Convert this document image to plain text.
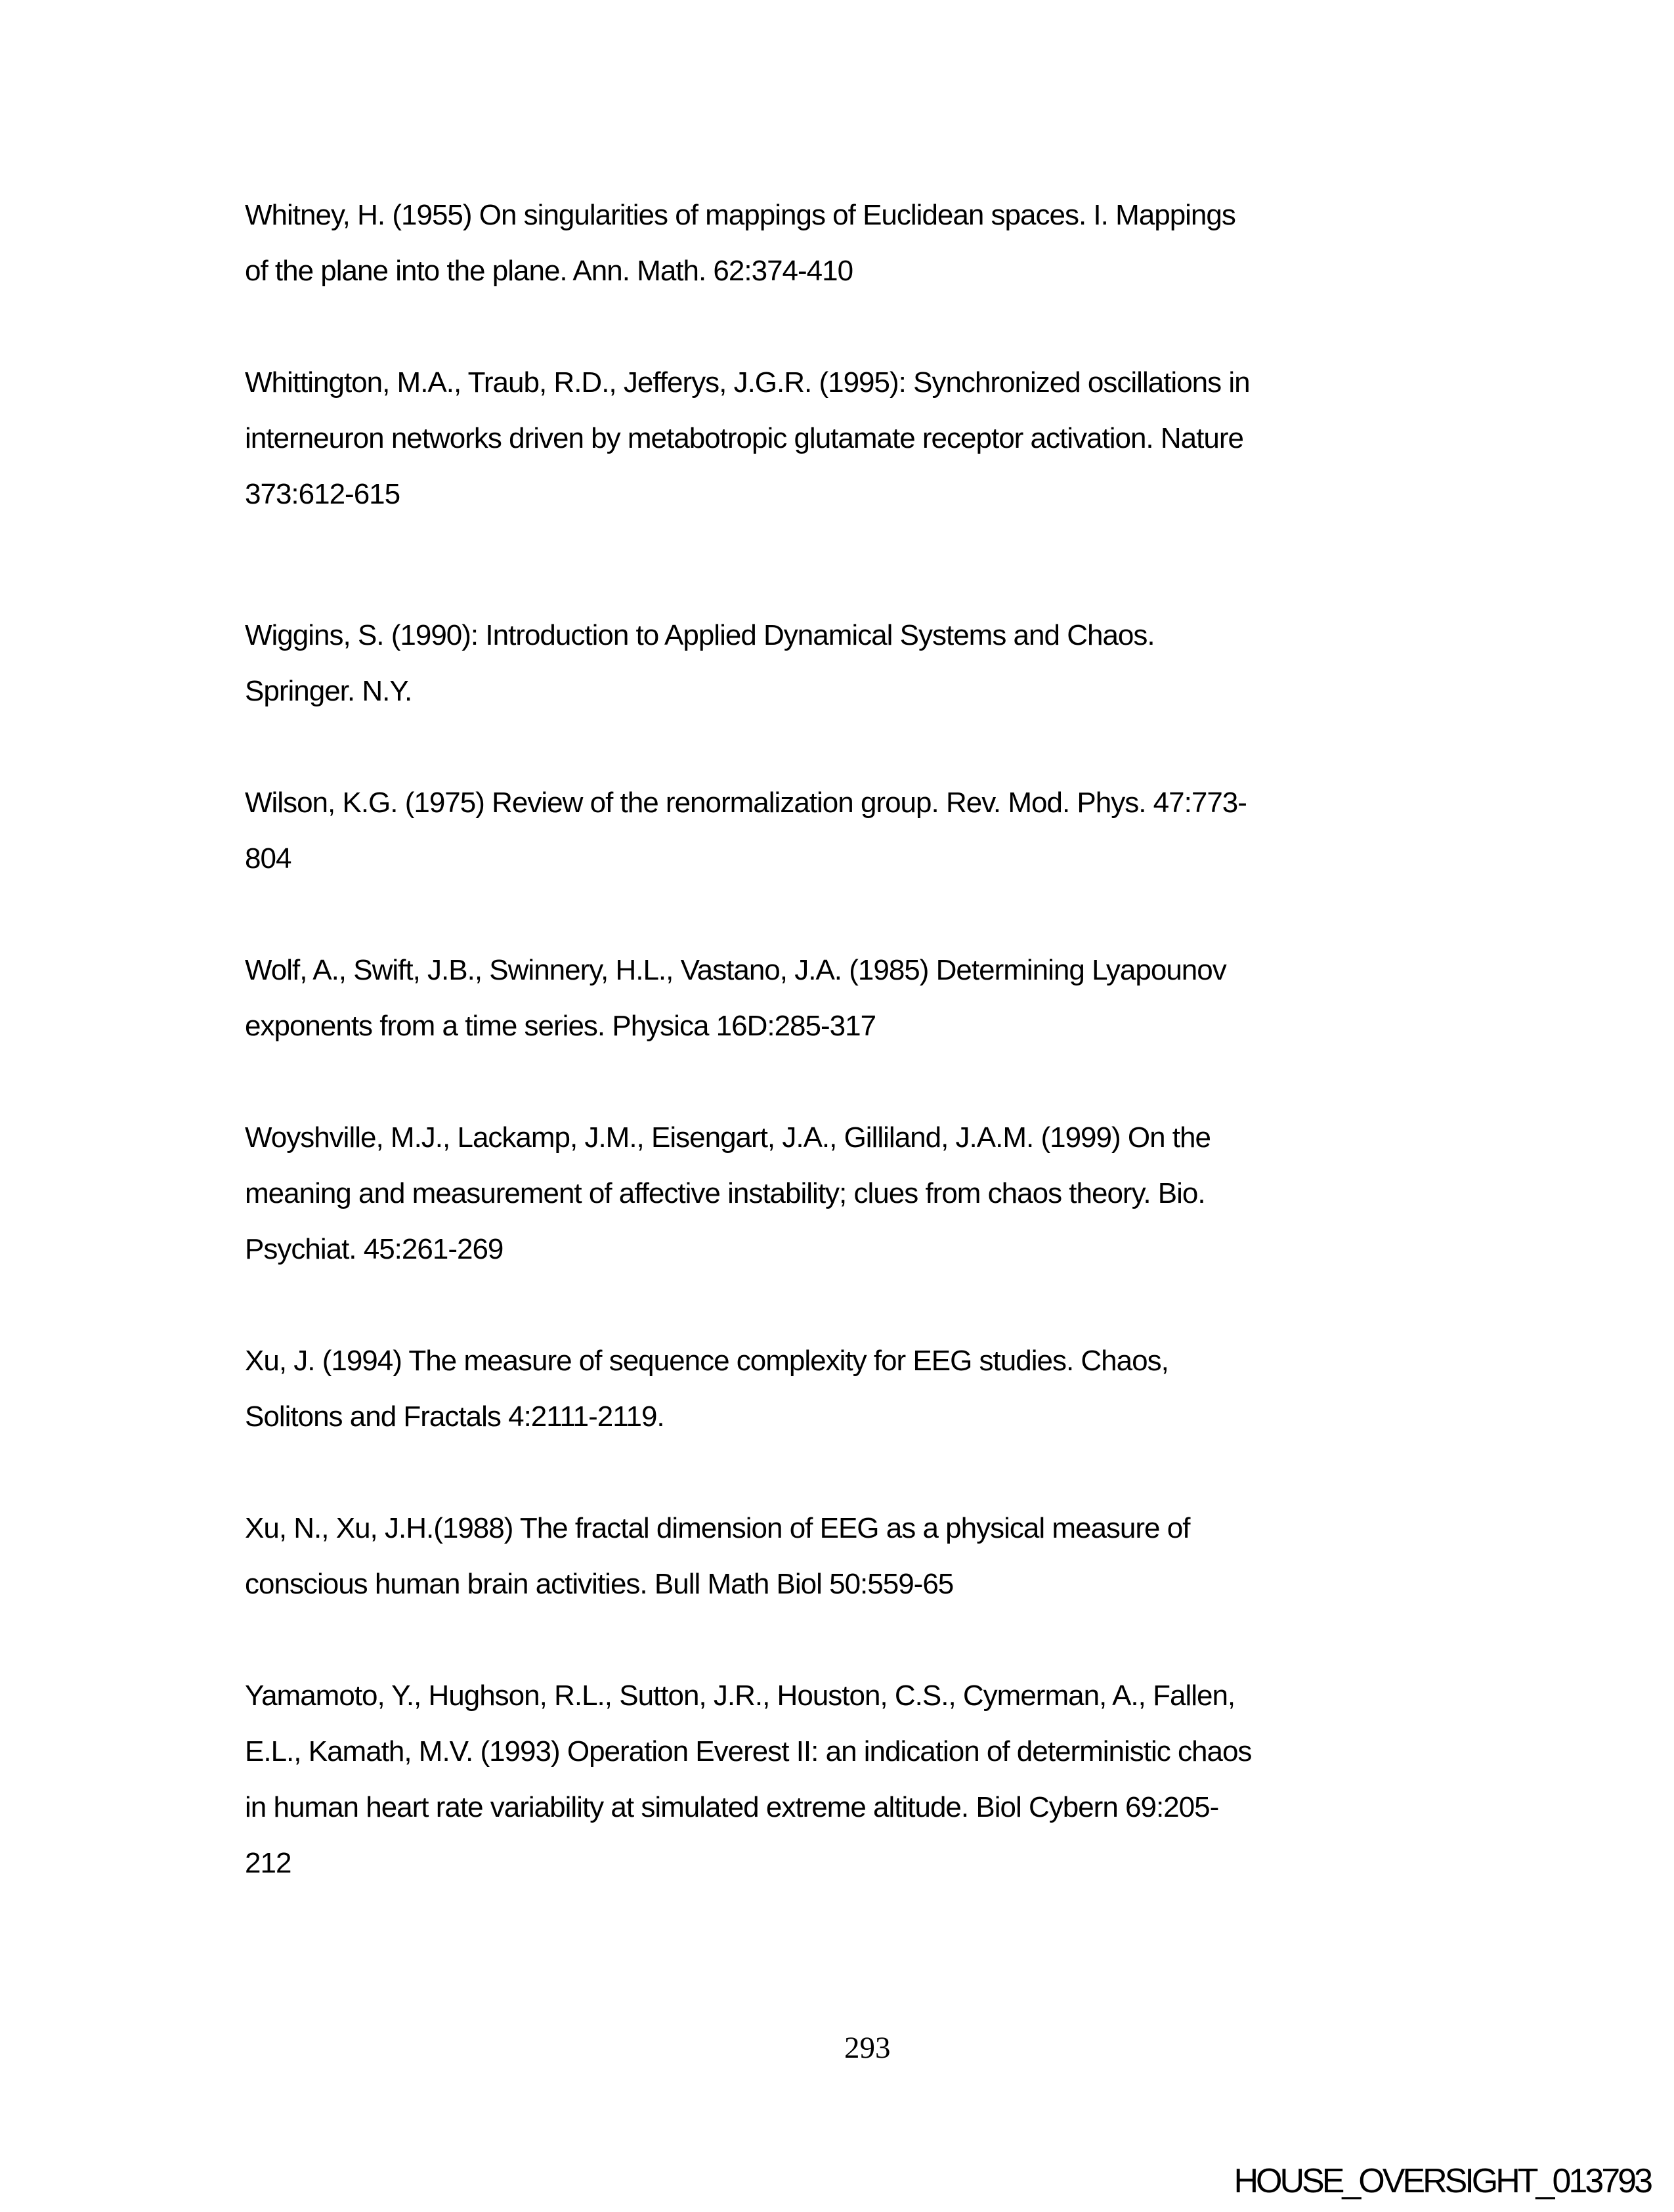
Whitney, H. (1955) On singularities of mappings of Euclidean spaces. I. Mappings
of the plane into the plane. Ann. Math. 62:374-410
Whittington, M.A., Traub, R.D., Jefferys, J.G.R. (1995): Synchronized oscillations in
interneuron networks driven by metabotropic glutamate receptor activation. Nature
373:612-615
Wiggins, S. (1990): Introduction to Applied Dynamical Systems and Chaos.
Springer. N.Y.
Wilson, K.G. (1975) Review of the renormalization group. Rev. Mod. Phys. 47:773-
804
Wolf, A., Swift, J.B., Swinnery, H.L., Vastano, J.A. (1985) Determining Lyapounov
exponents from a time series. Physica 16D:285-317
Woyshville, M.J., Lackamp, J.M., Eisengart, J.A., Gilliland, J.A.M. (1999) On the
meaning and measurement of affective instability; clues from chaos theory. Bio.
Psychiat. 45:261-269
Xu, J. (1994) The measure of sequence complexity for EEG studies. Chaos,
Solitons and Fractals 4:2111-2119.
Xu, N., Xu, J.H.(1988) The fractal dimension of EEG as a physical measure of
conscious human brain activities. Bull Math Biol 50:559-65
Yamamoto, Y., Hughson, R.L., Sutton, J.R., Houston, C.S., Cymerman, A., Fallen,
E.L., Kamath, M.V. (1993) Operation Everest II: an indication of deterministic chaos
in human heart rate variability at simulated extreme altitude. Biol Cybern 69:205-
212
293
HOUSE_OVERSIGHT_013793
